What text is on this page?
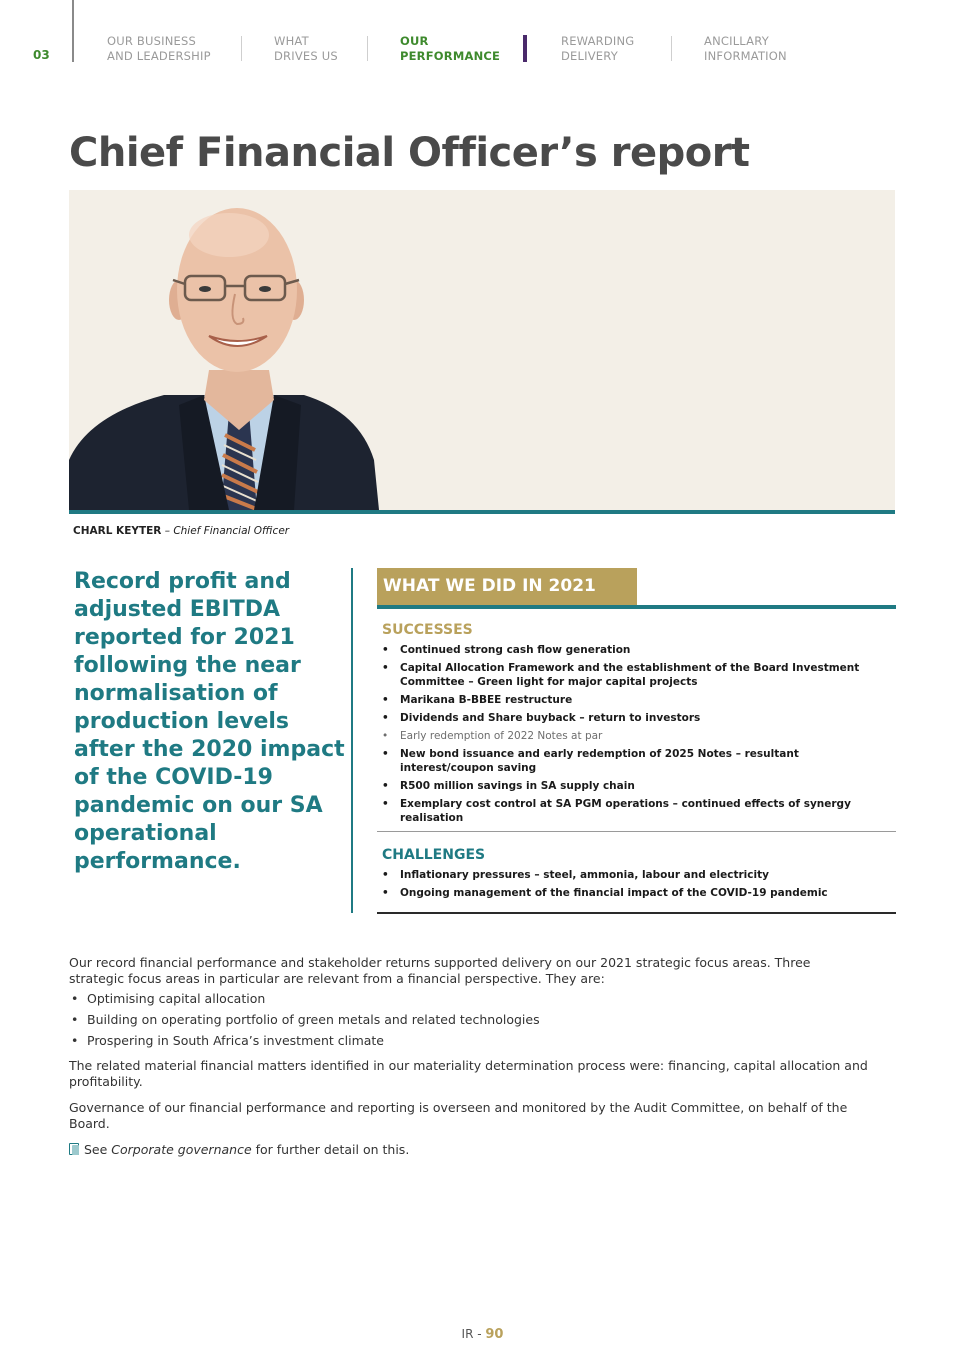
03
OUR BUSINESS
AND LEADERSHIP
WHAT
DRIVES US
OUR
PERFORMANCE
REWARDING
DELIVERY
ANCILLARY
INFORMATION
Chief Financial Officer’s report
CHARL KEYTER – Chief Financial Officer
Record profit and adjusted EBITDA reported for 2021 following the near normalisation of production levels after the 2020 impact of the COVID-19 pandemic on our SA operational performance.
WHAT WE DID IN 2021
SUCCESSES
• Continued strong cash flow generation
• Capital Allocation Framework and the establishment of the Board Investment Committee – Green light for major capital projects
• Marikana B-BBEE restructure
• Dividends and Share buyback – return to investors
• Early redemption of 2022 Notes at par
• New bond issuance and early redemption of 2025 Notes – resultant interest/coupon saving
• R500 million savings in SA supply chain
• Exemplary cost control at SA PGM operations – continued effects of synergy realisation
CHALLENGES
• Inflationary pressures – steel, ammonia, labour and electricity
• Ongoing management of the financial impact of the COVID-19 pandemic

Our record financial performance and stakeholder returns supported delivery on our 2021 strategic focus areas. Three strategic focus areas in particular are relevant from a financial perspective. They are:

• Optimising capital allocation
• Building on operating portfolio of green metals and related technologies
• Prospering in South Africa’s investment climate

The related material financial matters identified in our materiality determination process were: financing, capital allocation and profitability.

Governance of our financial performance and reporting is overseen and monitored by the Audit Committee, on behalf of the Board.

See Corporate governance for further detail on this.

IR - 90
